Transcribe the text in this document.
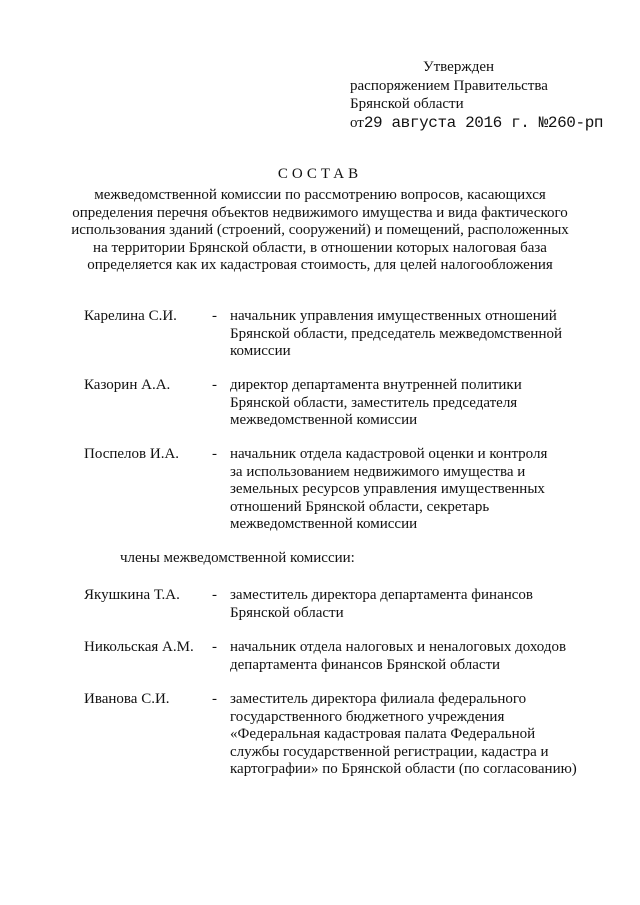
Утвержден
распоряжением Правительства
Брянской области
от29 августа 2016 г. №260-рп
СОСТАВ
межведомственной комиссии по рассмотрению вопросов, касающихся
определения перечня объектов недвижимого имущества и вида фактического
использования зданий (строений, сооружений) и помещений, расположенных
на территории Брянской области, в отношении которых налоговая база
определяется как их кадастровая стоимость, для целей налогообложения
Карелина С.И. - начальник управления имущественных отношений
Брянской области, председатель межведомственной
комиссии
Казорин А.А.	- директор департамента внутренней политики
Брянской области, заместитель председателя
межведомственной комиссии
Поспелов И.А. - начальник отдела кадастровой оценки и контроля
за использованием недвижимого имущества и
земельных ресурсов управления имущественных
отношений Брянской области, секретарь
межведомственной комиссии
члены межведомственной комиссии:
Якушкина Т.А. - заместитель директора департамента финансов
Брянской области
Никольская А.М. - начальник отдела налоговых и неналоговых доходов
департамента финансов Брянской области
Иванова С.И.	- заместитель директора филиала федерального
государственного бюджетного учреждения
«Федеральная кадастровая палата Федеральной
службы государственной регистрации, кадастра и
картографии» по Брянской области (по согласованию)
